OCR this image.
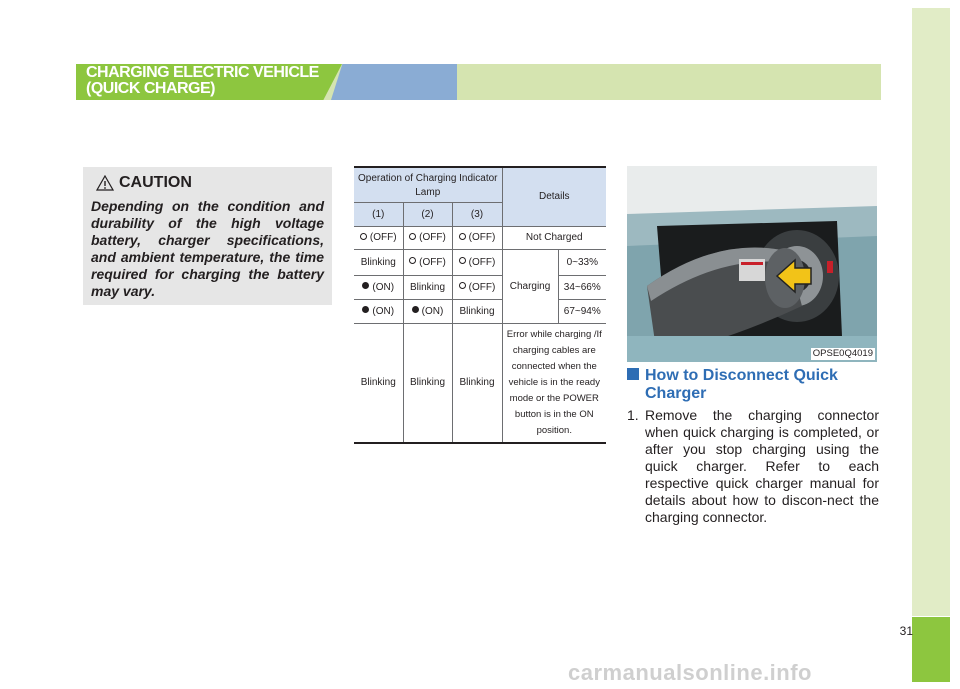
31
CHARGING ELECTRIC VEHICLE
(QUICK CHARGE)
CAUTION
Depending on the condition and durability of the high voltage battery, charger specifications, and ambient temperature, the time required for charging the battery may vary.
Operation of Charging Indicator Lamp			Details	
(1)	(2)	(3)		
(OFF)	(OFF)	(OFF)	Not Charged	
Blinking	(OFF)	(OFF)	Charging	0~33%
(ON)	Blinking	(OFF)		34~66%
(ON)	(ON)	Blinking		67~94%
Blinking	Blinking	Blinking	Error while charging /If charging cables are connected when the vehicle is in the ready mode or the POWER button is in the ON position.	
OPSE0Q4019
How to Disconnect Quick
Charger
1. Remove the charging connector when quick charging is completed, or after you stop charging using the quick charger. Refer to each respective quick charger manual for details about how to discon-nect the charging connector.
carmanualsonline.info
